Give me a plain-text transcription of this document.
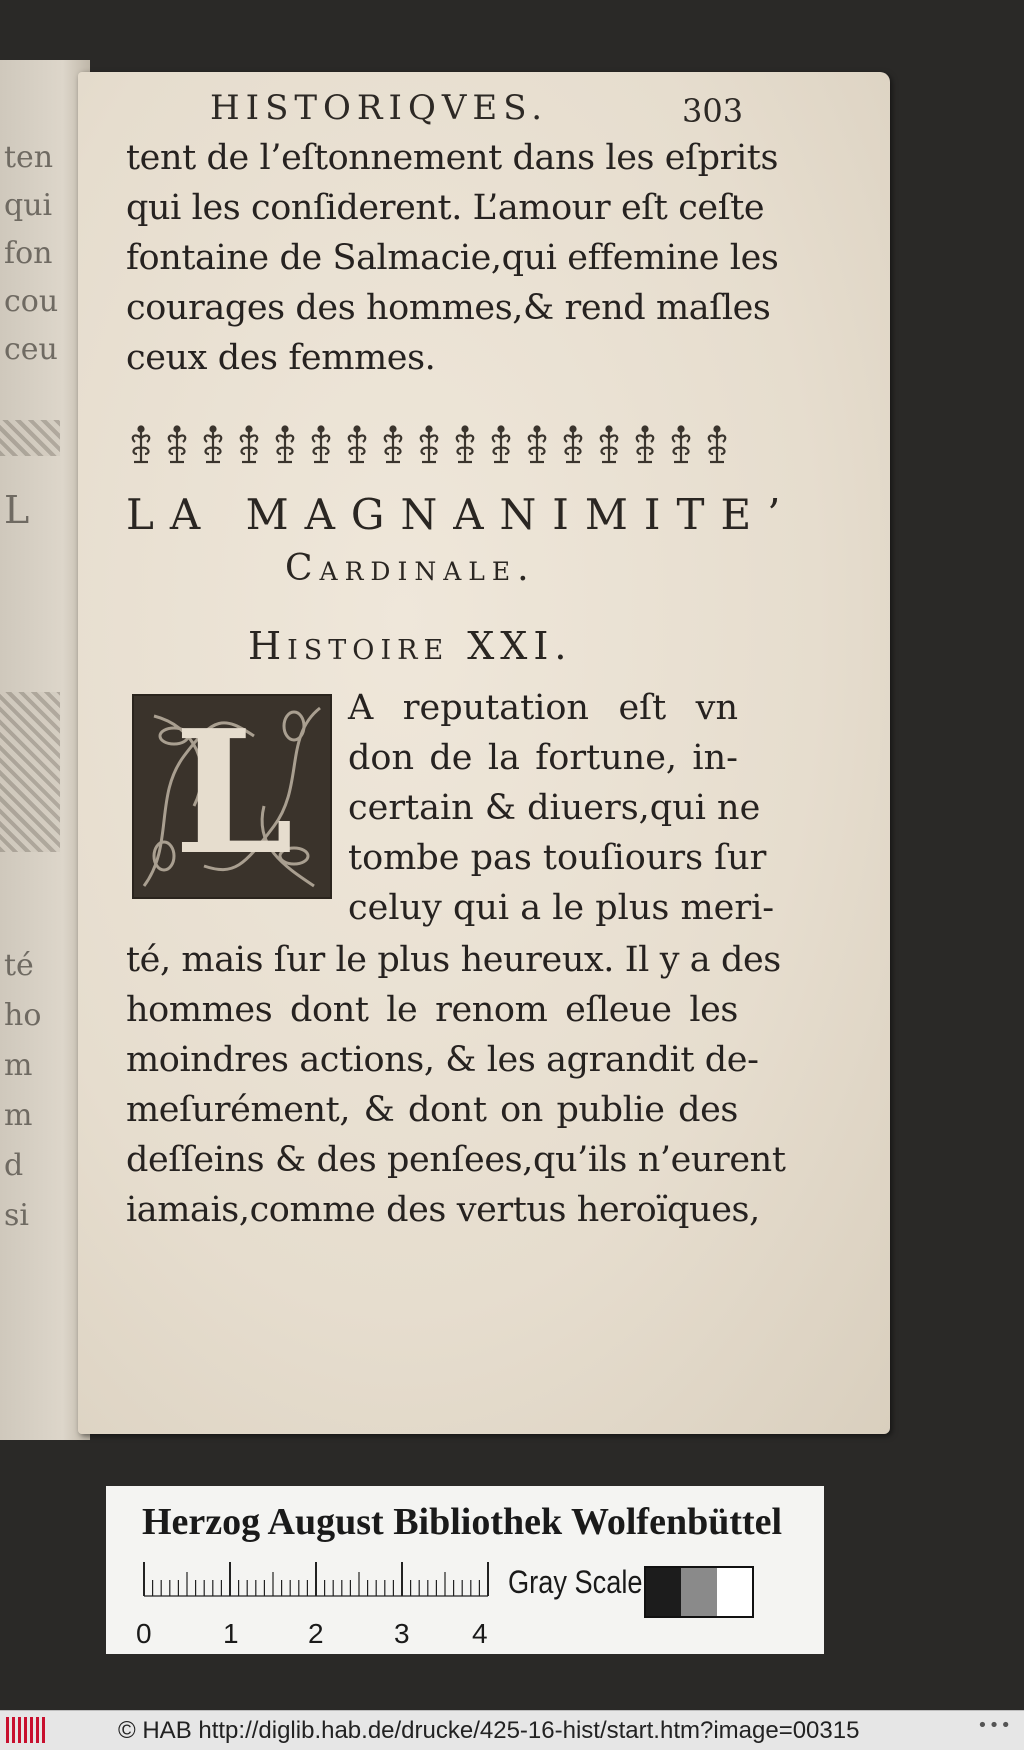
ten
qui
fon
cou
ceu
L
té
ho
m
m
d
si
HISTORIQVES.	303
tent de l’eſtonnement dans les eſprits
qui les conſiderent. L’amour eſt ceſte
fontaine de Salmacie,qui effemine les
courages des hommes,& rend maſles
ceux des femmes.
LA MAGNANIMITE’
Cardinale.
Histoire XXI.
L A reputation eſt vn
don de la fortune, in-
certain & diuers,qui ne
tombe pas touſiours ſur
celuy qui a le plus meri-
té, mais ſur le plus heureux. Il y a des
hommes dont le renom eſleue les
moindres actions, & les agrandit de-
meſurément, & dont on publie des
deſſeins & des penſees,qu’ils n’eurent
iamais,comme des vertus heroïques,
Herzog August Bibliothek Wolfenbüttel
0	1 2	3 4
Gray Scale
© HAB http://diglib.hab.de/drucke/425-16-hist/start.htm?image=00315	•••
